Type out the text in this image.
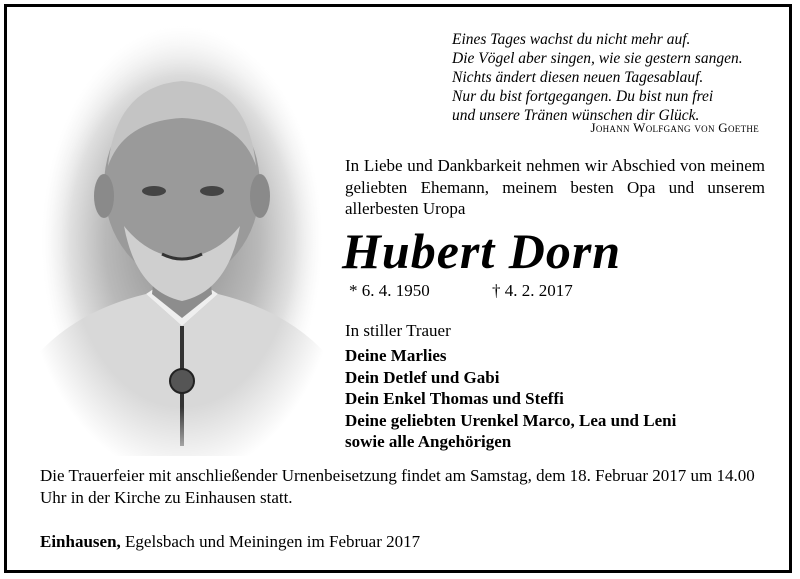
Eines Tages wachst du nicht mehr auf.
Die Vögel aber singen, wie sie gestern sangen.
Nichts ändert diesen neuen Tagesablauf.
Nur du bist fortgegangen. Du bist nun frei
und unsere Tränen wünschen dir Glück.
Johann Wolfgang von Goethe
In Liebe und Dankbarkeit nehmen wir Abschied von meinem geliebten Ehemann, meinem besten Opa und unserem allerbesten Uropa
Hubert Dorn
* 6. 4. 1950	† 4. 2. 2017
In stiller Trauer
Deine Marlies
Dein Detlef und Gabi
Dein Enkel Thomas und Steffi
Deine geliebten Urenkel Marco, Lea und Leni
sowie alle Angehörigen
Die Trauerfeier mit anschließender Urnenbeisetzung findet am Samstag, dem 18. Februar 2017 um 14.00 Uhr in der Kirche zu Einhausen statt.
Einhausen, Egelsbach und Meiningen im Februar 2017
